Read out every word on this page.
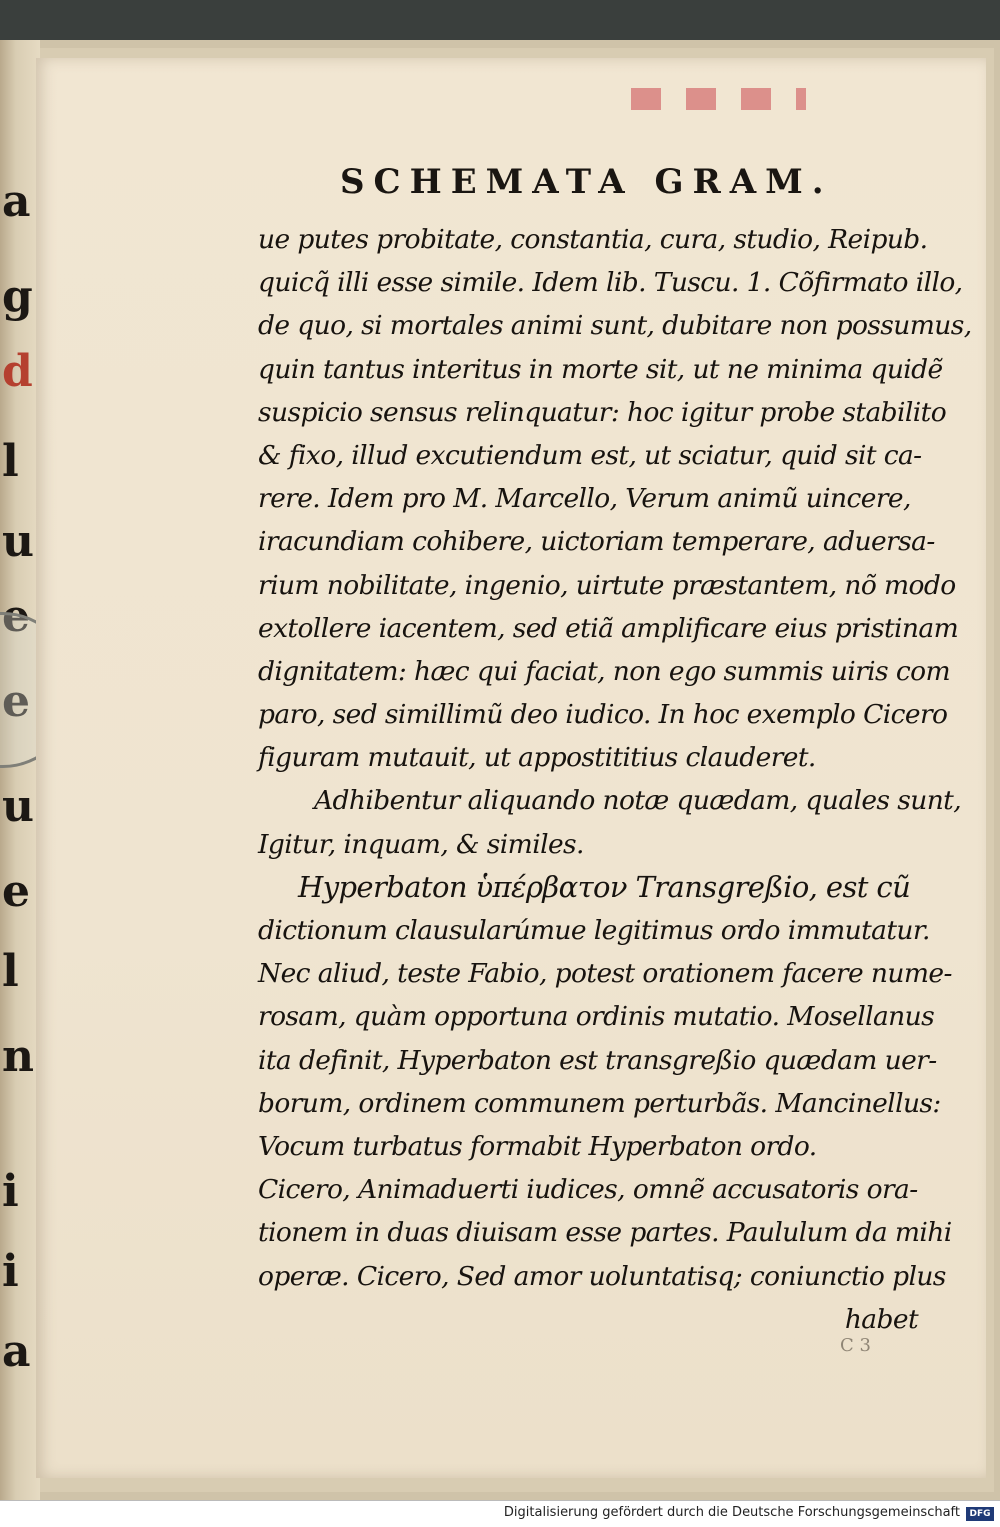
a
g
d
l
u
e
e
u
e
l
n
i
i
a
SCHEMATA GRAM.
ue putes probitate, constantia, cura, studio, Reipub.
quicq̃ illi esse simile. Idem lib. Tuscu. 1. Cõfirmato illo,
de quo, si mortales animi sunt, dubitare non possumus,
quin tantus interitus in morte sit, ut ne minima quidẽ
suspicio sensus relinquatur: hoc igitur probe stabilito
& fixo, illud excutiendum est, ut sciatur, quid sit ca-
rere. Idem pro M. Marcello, Verum animũ uincere,
iracundiam cohibere, uictoriam temperare, aduersa-
rium nobilitate, ingenio, uirtute præstantem, nõ modo
extollere iacentem, sed etiã amplificare eius pristinam
dignitatem: hæc qui faciat, non ego summis uiris com
paro, sed simillimũ deo iudico. In hoc exemplo Cicero
figuram mutauit, ut appostititius clauderet.
Adhibentur aliquando notæ quædam, quales sunt,
Igitur, inquam, & similes.
Hyperbaton ὑπέρβατον Transgreßio, est cũ
dictionum clausularúmue legitimus ordo immutatur.
Nec aliud, teste Fabio, potest orationem facere nume-
rosam, quàm opportuna ordinis mutatio. Mosellanus
ita definit, Hyperbaton est transgreßio quædam uer-
borum, ordinem communem perturbãs. Mancinellus:
Vocum turbatus formabit Hyperbaton ordo.
Cicero, Animaduerti iudices, omnẽ accusatoris ora-
tionem in duas diuisam esse partes. Paululum da mihi
operæ. Cicero, Sed amor uoluntatisq; coniunctio plus
habet
C 3
Digitalisierung gefördert durch die Deutsche Forschungsgemeinschaft	DFG
